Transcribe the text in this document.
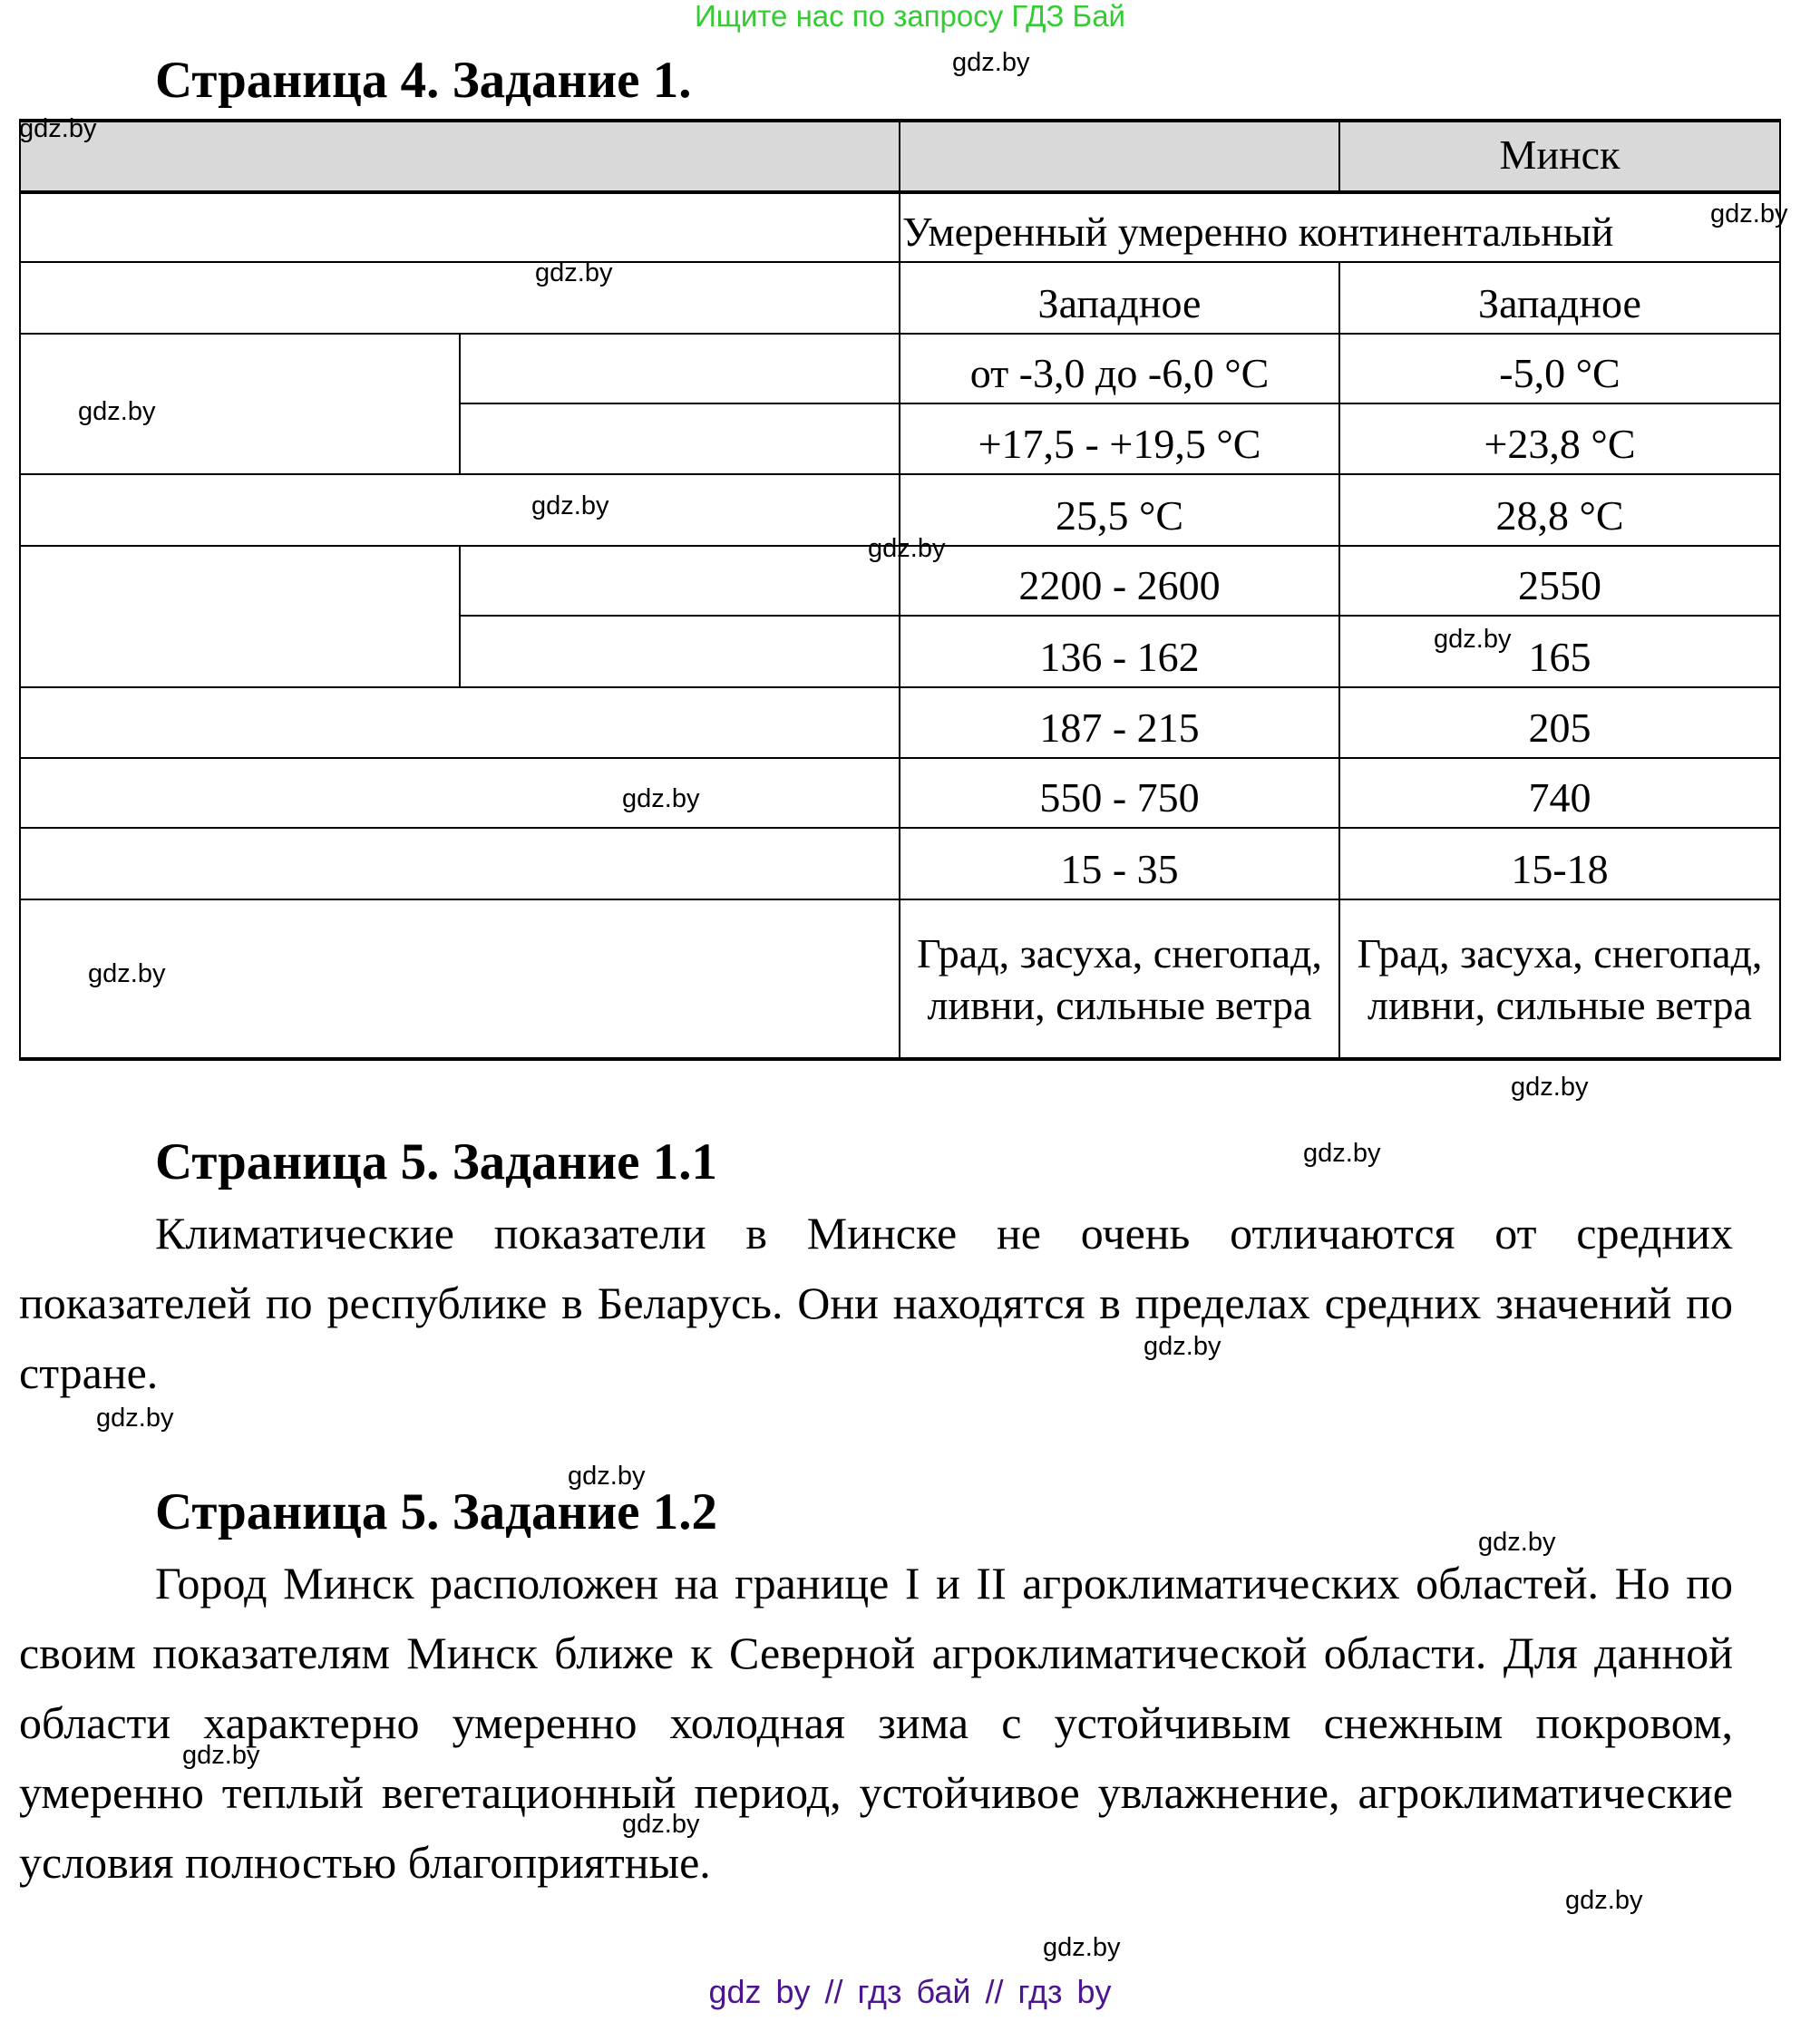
Ищите нас по запросу ГДЗ Бай
Страница 4. Задание 1.
			Минск
		Умеренный умеренно континентальный	
		Западное	Западное
		от -3,0 до -6,0 °C	-5,0 °C
		+17,5 - +19,5 °C	+23,8 °C
		25,5 °C	28,8 °C
		2200 - 2600	2550
		136 - 162	165
		187 - 215	205
		550 - 750	740
		15 - 35	15-18
		Град, засуха, снегопад, ливни, сильные ветра	Град, засуха, снегопад, ливни, сильные ветра
Страница 5. Задание 1.1
Климатические показатели в Минске не очень отличаются от средних показателей по республике в Беларусь. Они находятся в пределах средних значений по стране.
Страница 5. Задание 1.2
Город Минск расположен на границе I и II агроклиматических областей. Но по своим показателям Минск ближе к Северной агроклиматической области. Для данной области характерно умеренно холодная зима с устойчивым снежным покровом, умеренно теплый вегетационный период, устойчивое увлажнение, агроклиматические условия полностью благоприятные.
gdz.by
gdz.by
gdz.by
gdz.by
gdz.by
gdz.by
gdz.by
gdz.by
gdz.by
gdz.by
gdz.by
gdz.by
gdz.by
gdz.by
gdz.by
gdz.by
gdz.by
gdz.by
gdz.by
gdz.by
gdz by // гдз бай // гдз by
